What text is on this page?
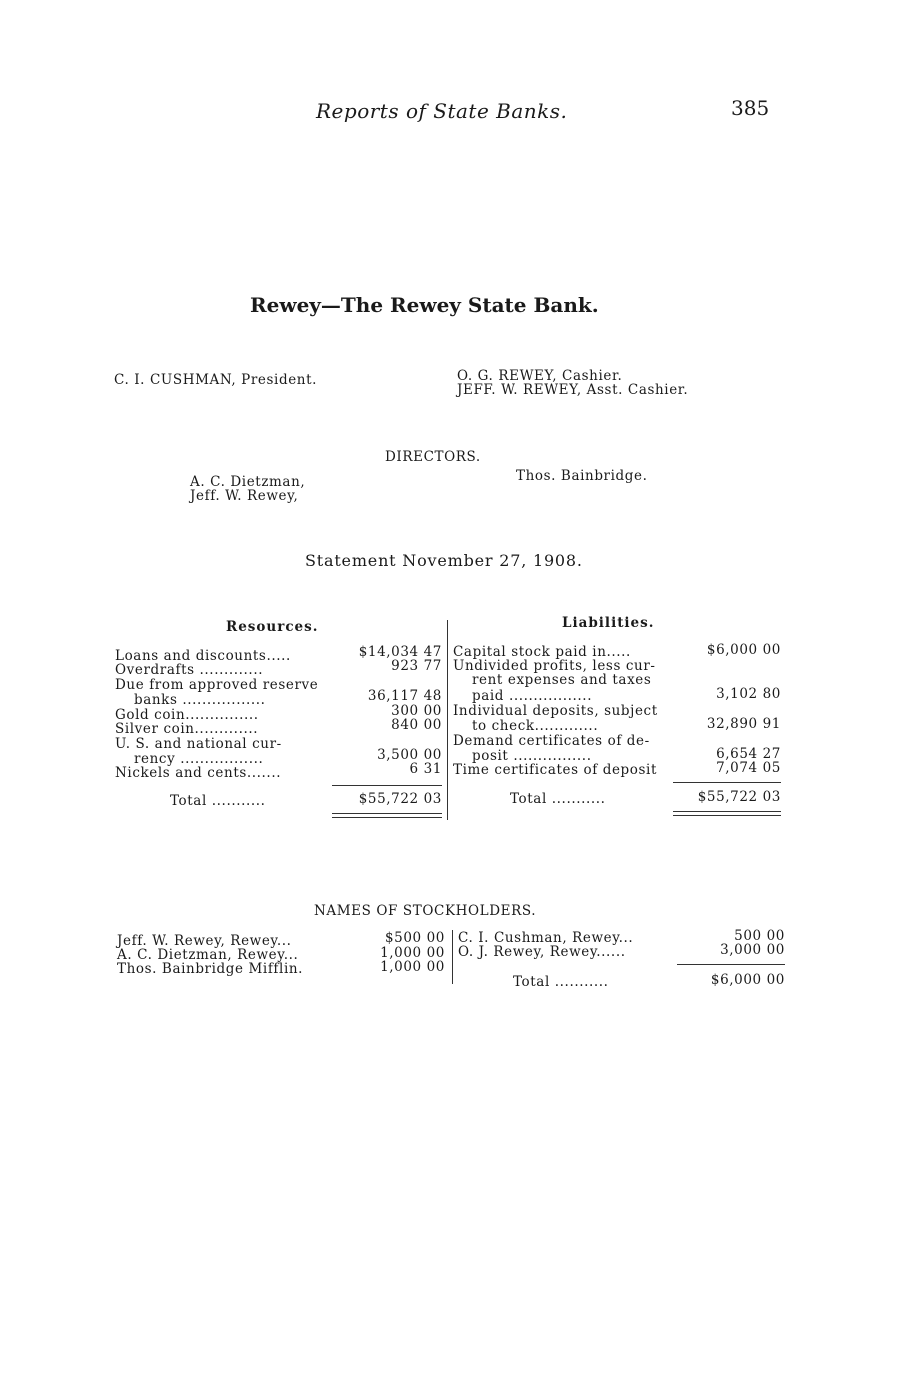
Reports of State Banks.	385
Rewey—The Rewey State Bank.
C. I. CUSHMAN, President.	O. G. REWEY, Cashier.
JEFF. W. REWEY, Asst. Cashier.
DIRECTORS.
A. C. Dietzman,
Jeff. W. Rewey,
Thos. Bainbridge.
Statement November 27, 1908.
Resources.
Loans and discounts.....	$14,034 47
Overdrafts .............	923 77
Due from approved reserve
banks .................	36,117 48
Gold coin...............	300 00
Silver coin.............	840 00
U. S. and national cur-
rency .................	3,500 00
Nickels and cents.......	6 31
Total ...........	$55,722 03
Liabilities.
Capital stock paid in.....	$6,000 00
Undivided profits, less cur-
rent expenses and taxes
paid .................	3,102 80
Individual deposits, subject
to check.............	32,890 91
Demand certificates of de-
posit ................	6,654 27
Time certificates of deposit	7,074 05
Total ...........	$55,722 03
NAMES OF STOCKHOLDERS.
Jeff. W. Rewey, Rewey...	$500 00
A. C. Dietzman, Rewey...	1,000 00
Thos. Bainbridge Mifflin.	1,000 00
C. I. Cushman, Rewey...	500 00
O. J. Rewey, Rewey......	3,000 00
Total ...........	$6,000 00
